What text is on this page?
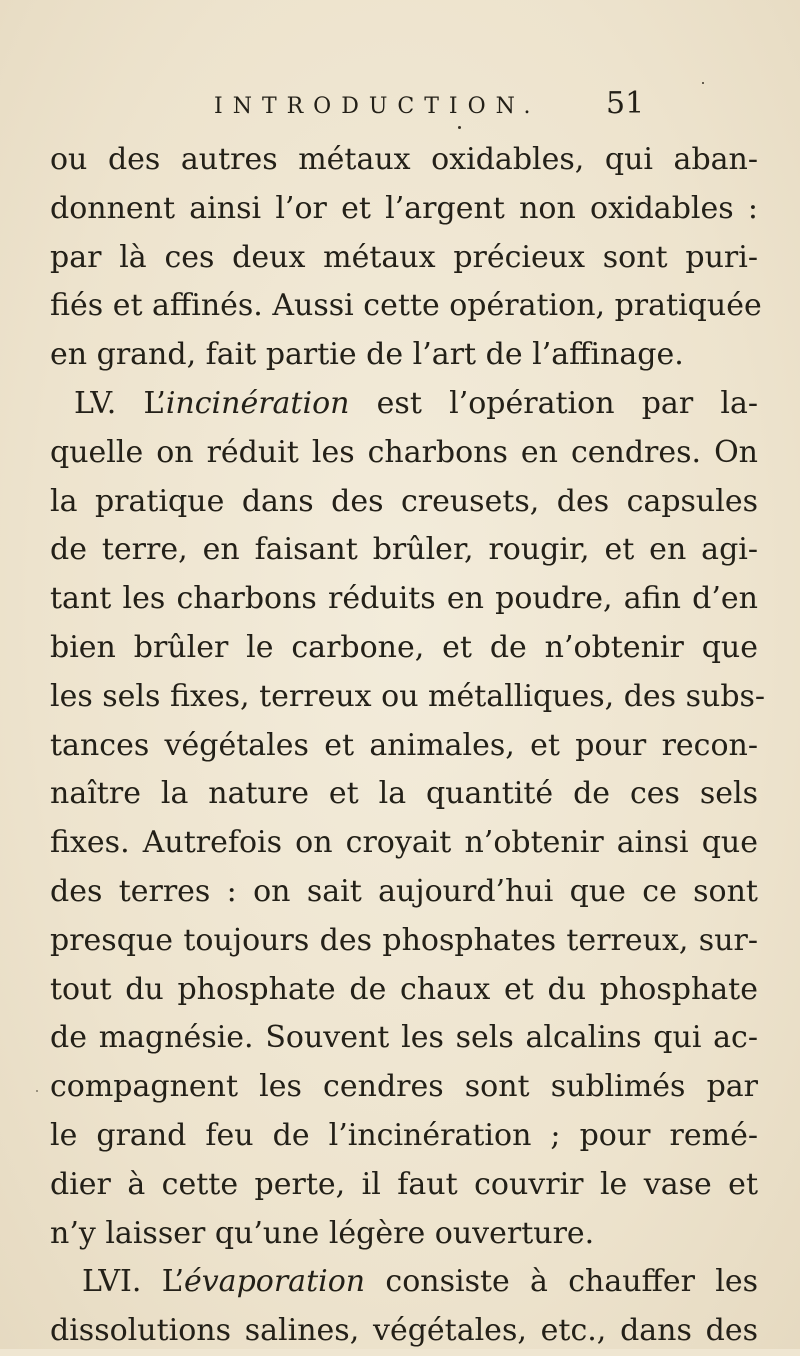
INTRODUCTION.	51
ou des autres métaux oxidables, qui aban-
donnent ainsi l’or et l’argent non oxidables :
par là ces deux métaux précieux sont puri-
fiés et affinés. Aussi cette opération, pratiquée
en grand, fait partie de l’art de l’affinage.
LV. L’incinération est l’opération par la-
quelle on réduit les charbons en cendres. On
la pratique dans des creusets, des capsules
de terre, en faisant brûler, rougir, et en agi-
tant les charbons réduits en poudre, afin d’en
bien brûler le carbone, et de n’obtenir que
les sels fixes, terreux ou métalliques, des subs-
tances végétales et animales, et pour recon-
naître la nature et la quantité de ces sels
fixes. Autrefois on croyait n’obtenir ainsi que
des terres : on sait aujourd’hui que ce sont
presque toujours des phosphates terreux, sur-
tout du phosphate de chaux et du phosphate
de magnésie. Souvent les sels alcalins qui ac-
compagnent les cendres sont sublimés par
le grand feu de l’incinération ; pour remé-
dier à cette perte, il faut couvrir le vase et
n’y laisser qu’une légère ouverture.
LVI. L’évaporation consiste à chauffer les
dissolutions salines, végétales, etc., dans des
